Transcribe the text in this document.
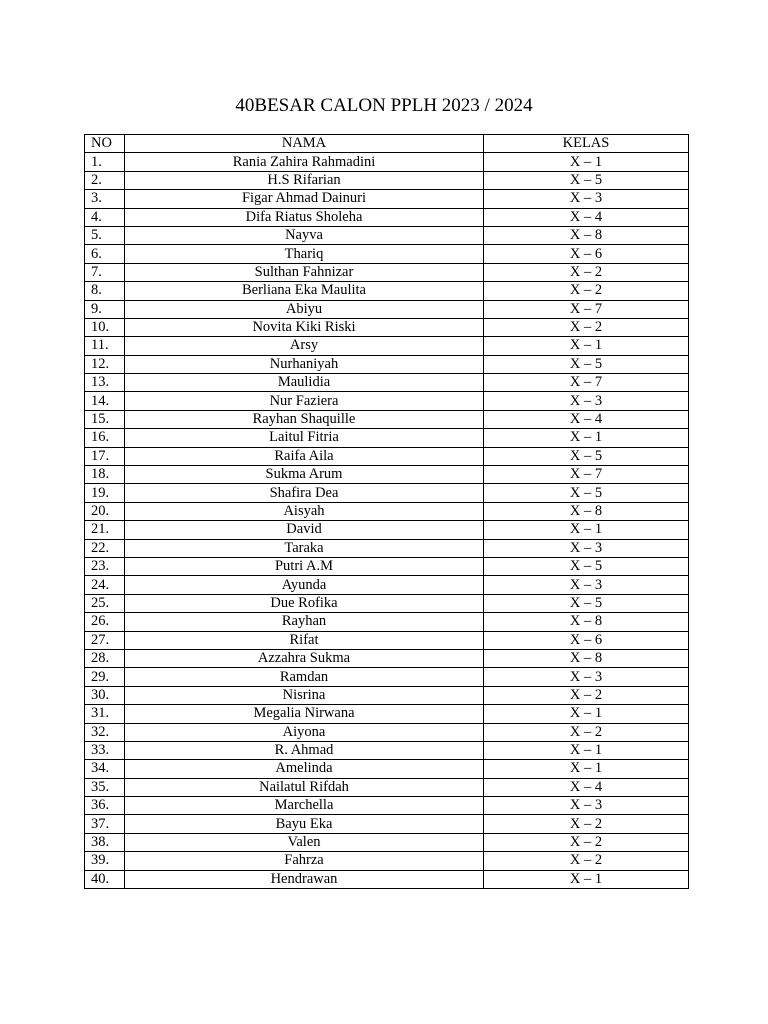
40BESAR CALON PPLH 2023 / 2024
NO	NAMA	KELAS
1.	Rania Zahira Rahmadini	X – 1
2.	H.S Rifarian	X – 5
3.	Figar Ahmad Dainuri	X – 3
4.	Difa Riatus Sholeha	X – 4
5.	Nayva	X – 8
6.	Thariq	X – 6
7.	Sulthan Fahnizar	X – 2
8.	Berliana Eka Maulita	X – 2
9.	Abiyu	X – 7
10.	Novita Kiki Riski	X – 2
11.	Arsy	X – 1
12.	Nurhaniyah	X – 5
13.	Maulidia	X – 7
14.	Nur Faziera	X – 3
15.	Rayhan Shaquille	X – 4
16.	Laitul Fitria	X – 1
17.	Raifa Aila	X – 5
18.	Sukma Arum	X – 7
19.	Shafira Dea	X – 5
20.	Aisyah	X – 8
21.	David	X – 1
22.	Taraka	X – 3
23.	Putri A.M	X – 5
24.	Ayunda	X – 3
25.	Due Rofika	X – 5
26.	Rayhan	X – 8
27.	Rifat	X – 6
28.	Azzahra Sukma	X – 8
29.	Ramdan	X – 3
30.	Nisrina	X – 2
31.	Megalia Nirwana	X – 1
32.	Aiyona	X – 2
33.	R. Ahmad	X – 1
34.	Amelinda	X – 1
35.	Nailatul Rifdah	X – 4
36.	Marchella	X – 3
37.	Bayu Eka	X – 2
38.	Valen	X – 2
39.	Fahrza	X – 2
40.	Hendrawan	X – 1
